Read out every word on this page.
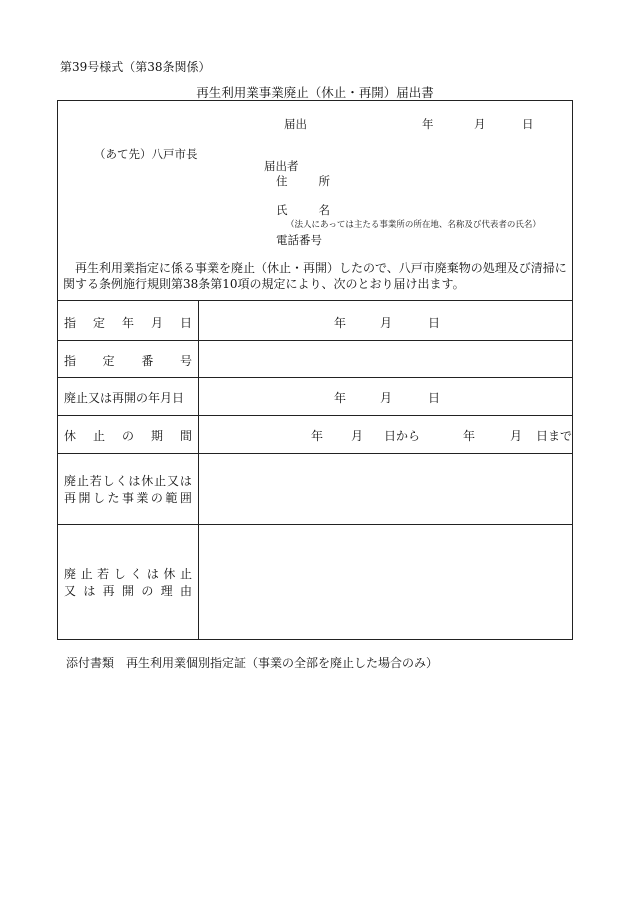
第39号様式（第38条関係）
再生利用業事業廃止（休止・再開）届出書
届出	年	月	日
（あて先）八戸市長
届出者
住	所
氏	名
（法人にあっては主たる事業所の所在地、名称及び代表者の氏名）
電話番号
再生利用業指定に係る事業を廃止（休止・再開）したので、八戸市廃棄物の処理及び清掃に関する条例施行規則第38条第10項の規定により、次のとおり届け出ます。
指 定 年 月 日	年	月	日
指 定 番 号
廃止又は再開の年月日	年	月	日
休 止 の 期 間	年 月 日から	年	月 日まで
廃 止 若 し く は 休 止 又 は
再 開 し た 事 業 の 範 囲
廃 止 若 し く は 休 止
又 は 再 開 の 理 由
添付書類　再生利用業個別指定証（事業の全部を廃止した場合のみ）
